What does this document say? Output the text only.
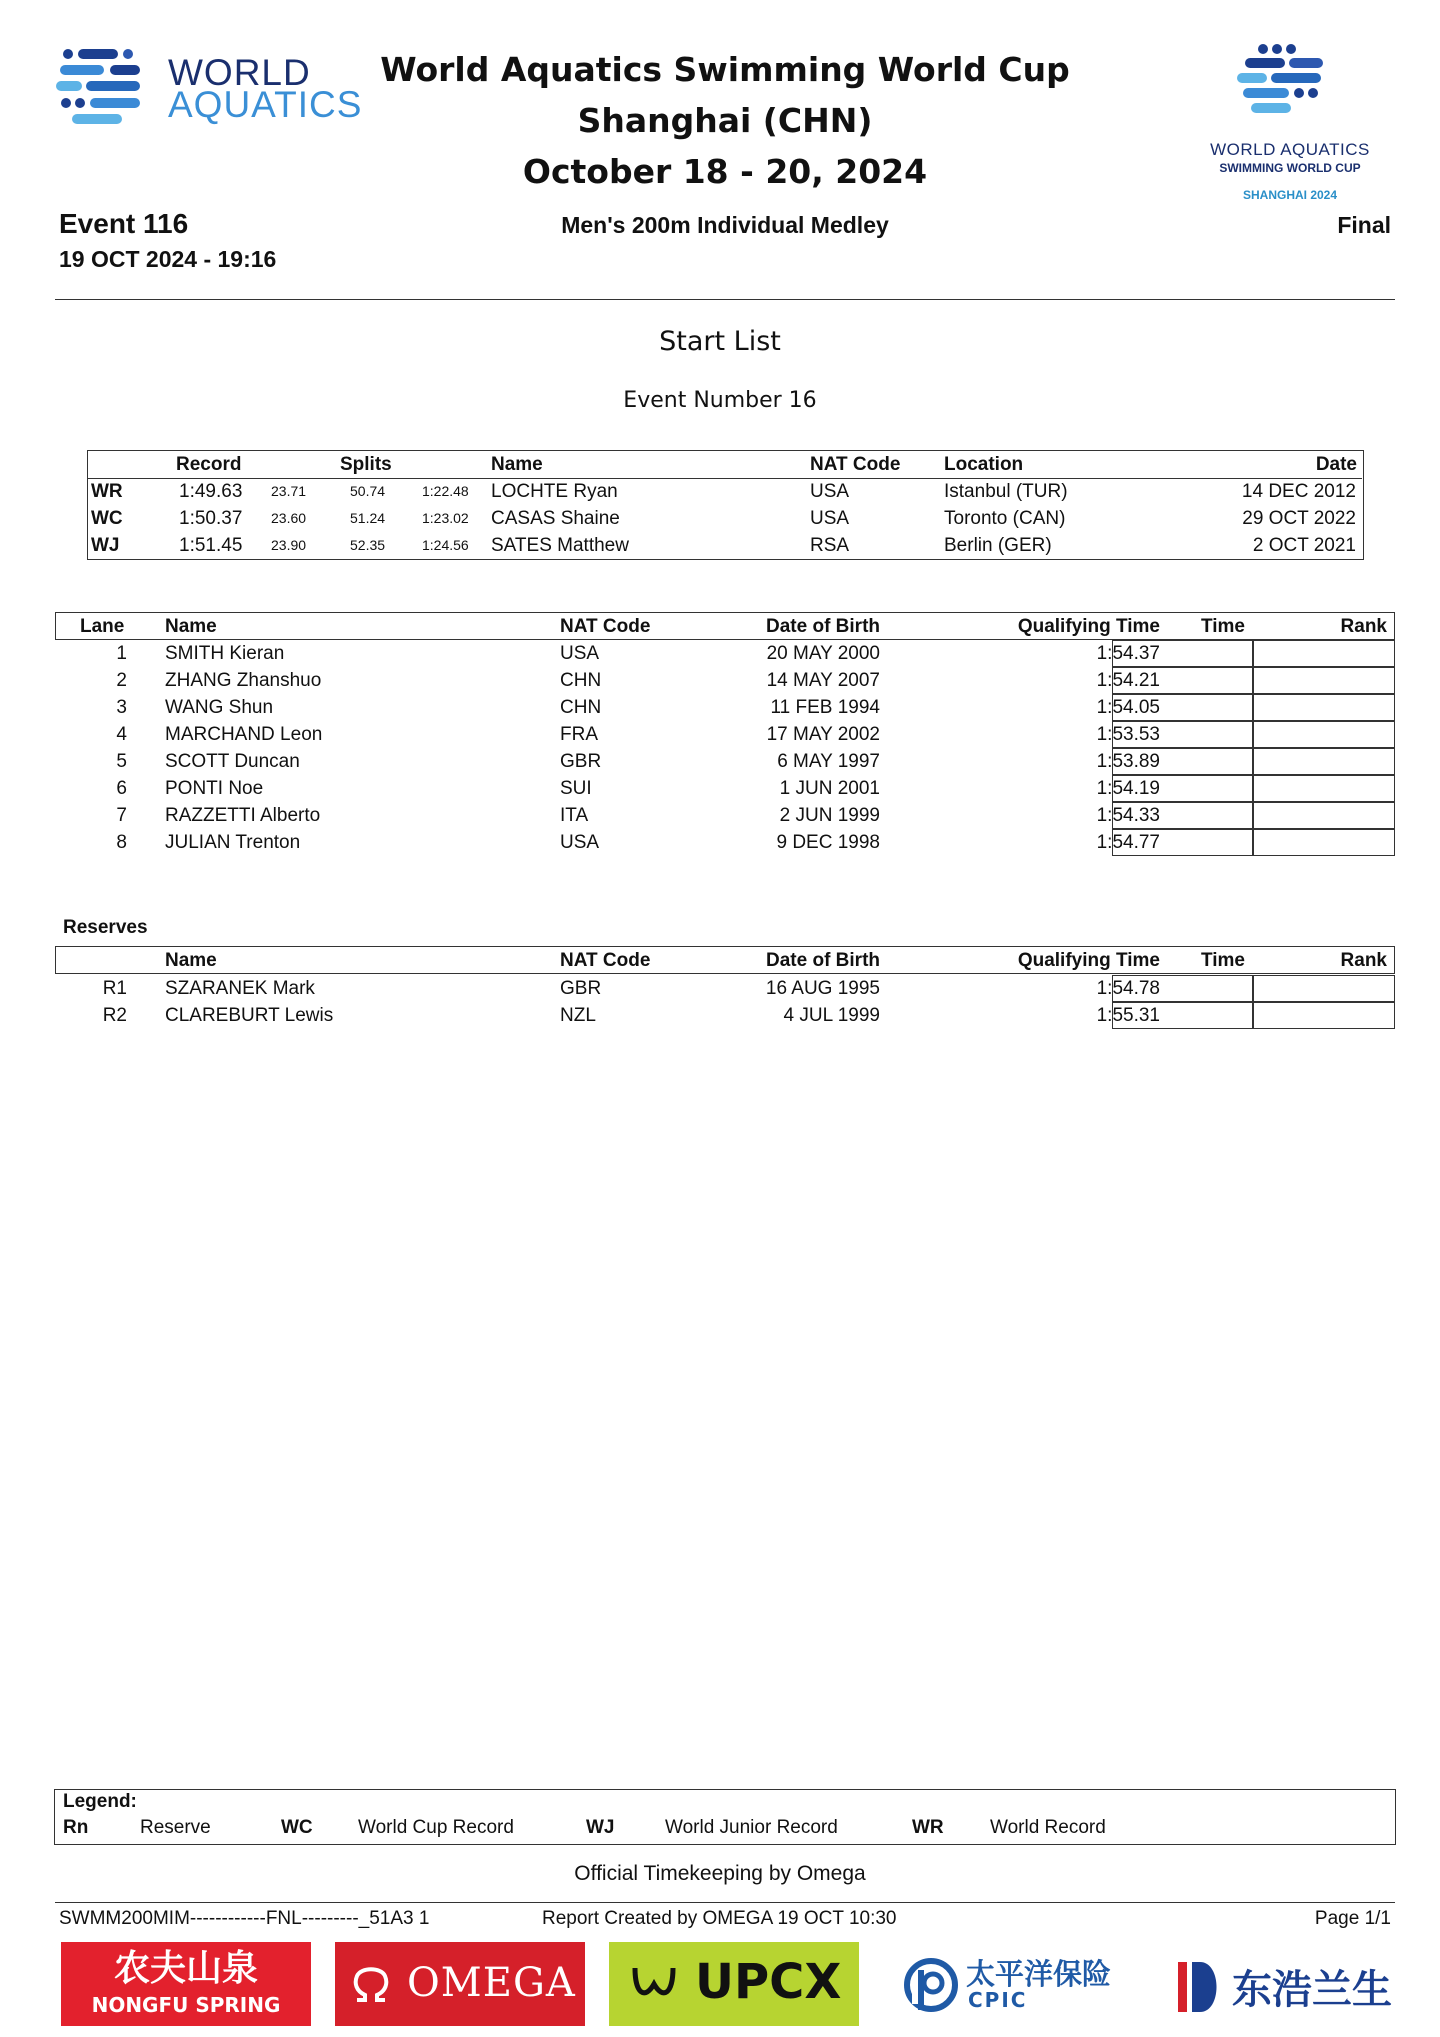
WORLD
AQUATICS
World Aquatics Swimming World Cup
Shanghai (CHN)
October 18 - 20, 2024
WORLD AQUATICS
SWIMMING WORLD CUP
SHANGHAI 2024
Event 116
19 OCT 2024 - 19:16
Men's 200m Individual Medley	Final
Start List
Event Number 16
Record	Splits	Name	NAT Code Location	Date
WR	1:49.63 23.71	50.74	1:22.48 LOCHTE Ryan	USA	Istanbul (TUR)	14 DEC 2012
WC	1:50.37 23.60	51.24	1:23.02 CASAS Shaine	USA	Toronto (CAN)	29 OCT 2022
WJ	1:51.45 23.90	52.35	1:24.56 SATES Matthew	RSA	Berlin (GER)	2 OCT 2021
Lane Name	NAT Code	Date of Birth	Qualifying Time Time	Rank
1 SMITH Kieran	USA	20 MAY 2000	1:54.37
2 ZHANG Zhanshuo	CHN	14 MAY 2007	1:54.21
3 WANG Shun	CHN	11 FEB 1994	1:54.05
4 MARCHAND Leon	FRA	17 MAY 2002	1:53.53
5 SCOTT Duncan	GBR	6 MAY 1997	1:53.89
6 PONTI Noe	SUI	1 JUN 2001	1:54.19
7 RAZZETTI Alberto	ITA	2 JUN 1999	1:54.33
8 JULIAN Trenton	USA	9 DEC 1998	1:54.77
Reserves
Name	NAT Code	Date of Birth	Qualifying Time Time	Rank
R1 SZARANEK Mark	GBR	16 AUG 1995	1:54.78
R2 CLAREBURT Lewis	NZL	4 JUL 1999	1:55.31
Legend:
Rn	Reserve	WC World Cup Record	WJ	World Junior Record	WR World Record
Official Timekeeping by Omega
SWMM200MIM------------FNL---------_51A3 1	Report Created by OMEGA 19 OCT 10:30	Page 1/1
农夫山泉
NONGFU SPRING	OMEGA UPCX	太平洋保险
CPIC	东浩兰生
